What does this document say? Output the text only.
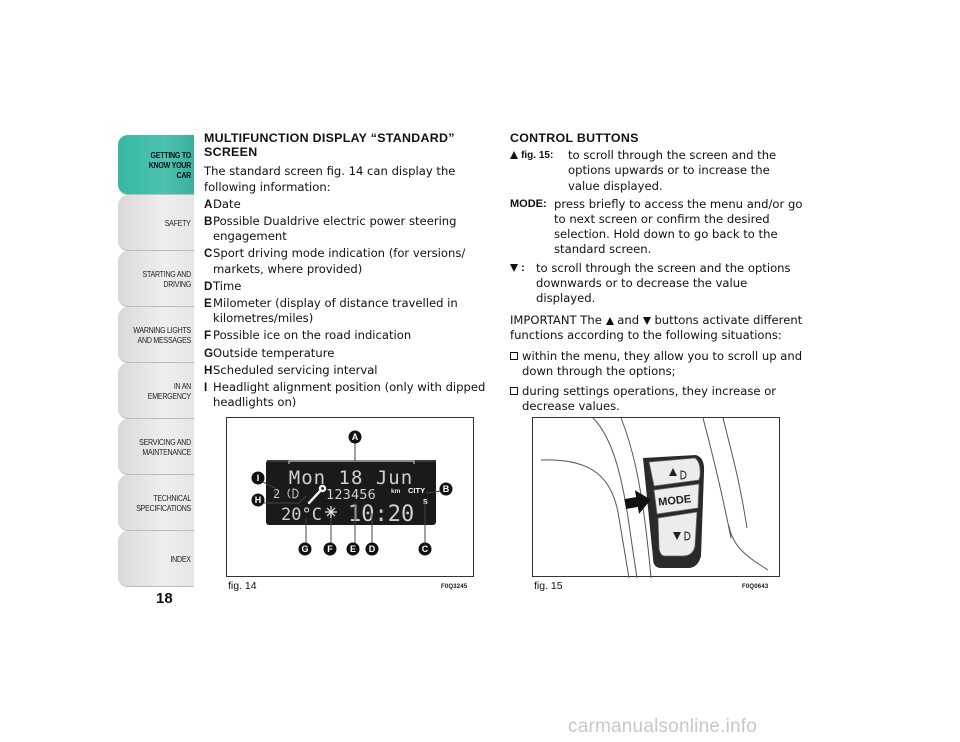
GETTING TO KNOW YOUR CAR
SAFETY
STARTING AND DRIVING
WARNING LIGHTS AND MESSAGES
IN AN EMERGENCY
SERVICING AND MAINTENANCE
TECHNICAL SPECIFICATIONS
INDEX
18
MULTIFUNCTION DISPLAY “STANDARD” SCREEN
The standard screen fig. 14 can display the following information:
ADate
BPossible Dualdrive electric power steering engagement
CSport driving mode indication (for versions/ markets, where provided)
DTime
EMilometer (display of distance travelled in kilometres/miles)
F Possible ice on the road indication
GOutside temperature
HScheduled servicing interval
I Headlight alignment position (only with dipped headlights on)
CONTROL BUTTONS
fig. 15:	to scroll through the screen and the options upwards or to increase the value displayed.
MODE: press briefly to access the menu and/or go to next screen or confirm the desired selection. Hold down to go back to the standard screen.
: to scroll through the screen and the options downwards or to decrease the value displayed.
IMPORTANT The and buttons activate different functions according to the following situations:
within the menu, they allow you to scroll up and down through the options;
during settings operations, they increase or decrease values.
Mon 18 Jun
2	123456 km CITY
S
20°C 10:20
A
B
C
D
E
F
G
H
I
fig. 14	F0Q3245
MODE
fig. 15	F0Q0643
carmanualsonline.info
